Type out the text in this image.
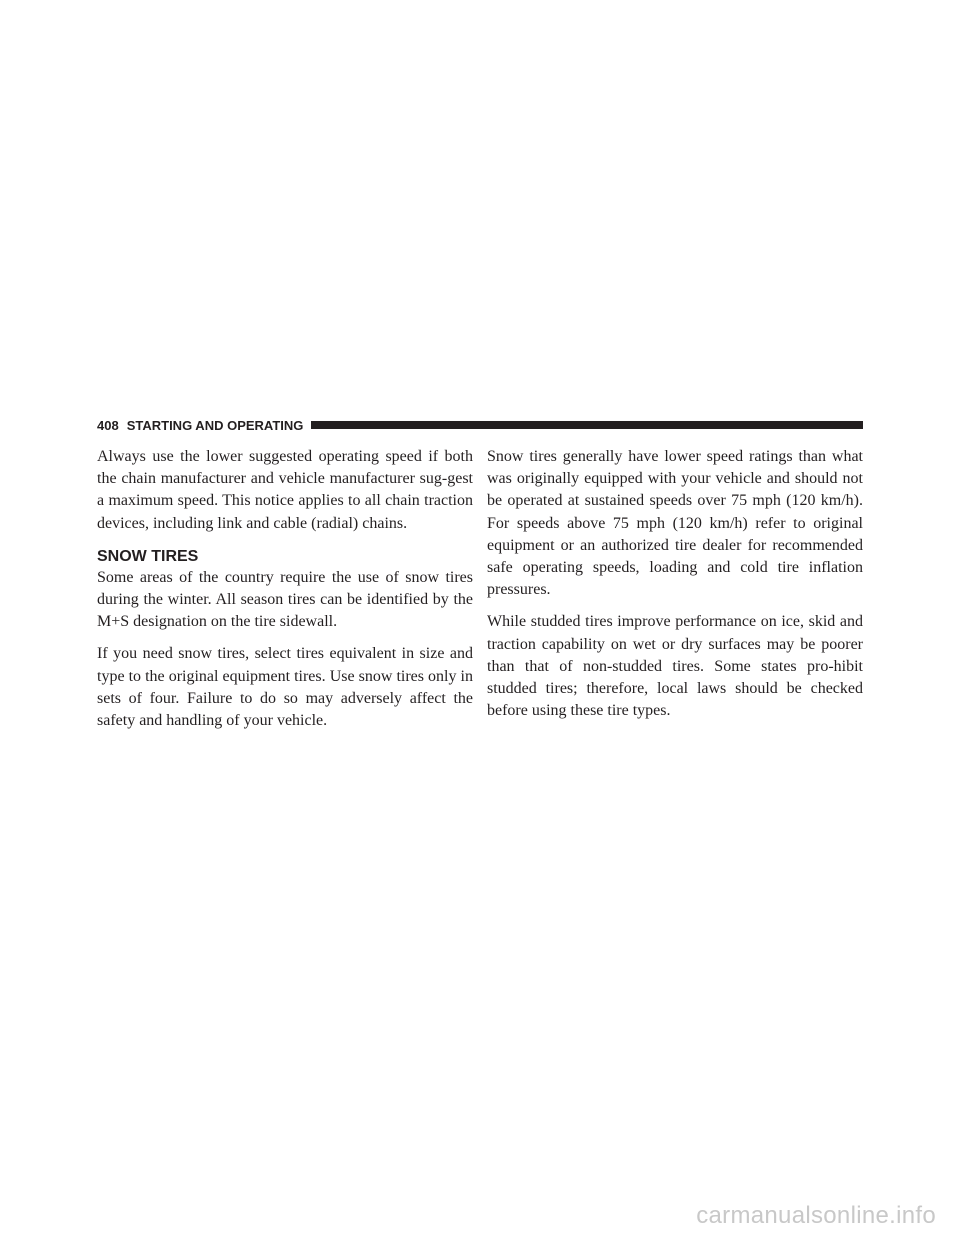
408 STARTING AND OPERATING

Always use the lower suggested operating speed if both the chain manufacturer and vehicle manufacturer sug-gest a maximum speed. This notice applies to all chain traction devices, including link and cable (radial) chains.

SNOW TIRES

Some areas of the country require the use of snow tires during the winter. All season tires can be identified by the M+S designation on the tire sidewall.

If you need snow tires, select tires equivalent in size and type to the original equipment tires. Use snow tires only in sets of four. Failure to do so may adversely affect the safety and handling of your vehicle.

Snow tires generally have lower speed ratings than what was originally equipped with your vehicle and should not be operated at sustained speeds over 75 mph (120 km/h). For speeds above 75 mph (120 km/h) refer to original equipment or an authorized tire dealer for recommended safe operating speeds, loading and cold tire inflation pressures.

While studded tires improve performance on ice, skid and traction capability on wet or dry surfaces may be poorer than that of non-studded tires. Some states pro-hibit studded tires; therefore, local laws should be checked before using these tire types.

carmanualsonline.info
